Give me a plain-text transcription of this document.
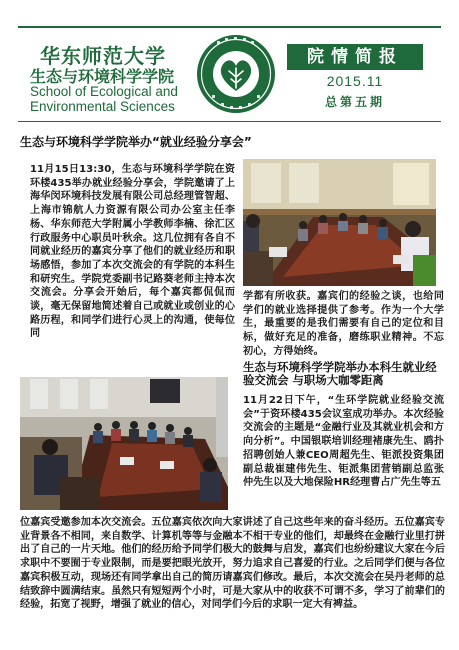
华东师范大学
生态与环境科学学院
School of Ecological and
Environmental Sciences
院情简报
2015.11
总第五期
生态与环境科学学院举办“就业经验分享会”

11月15日13:30，生态与环境科学学院在资环楼435举办就业经验分享会，学院邀请了上海华闵环境科技发展有限公司总经理管智超、上海市锦航人力资源有限公司办公室主任李杨、华东师范大学附属小学教师李楠、徐汇区行政服务中心职员叶秋余。这几位拥有各自不同就业经历的嘉宾分享了他们的就业经历和职场感悟，参加了本次交流会的有学院的本科生和研究生。学院党委副书记路葵老师主持本次交流会。分享会开始后，每个嘉宾都侃侃而谈，毫无保留地简述着自己或就业或创业的心路历程，和同学们进行心灵上的沟通，使每位同

学都有所收获。嘉宾们的经验之谈，也给同学们的就业选择提供了参考。作为一个大学生，最重要的是我们需要有自己的定位和目标，做好充足的准备，磨练职业精神。不忘初心，方得始终。

生态与环境科学学院举办本科生就业经验交流会 与职场大咖零距离

11月22日下午，“生环学院就业经验交流会”于资环楼435会议室成功举办。本次经验交流会的主题是“金融行业及其就业机会和方向分析”。中国银联培训经理褚康先生、鸥扑招聘创始人兼CEO周超先生、钜派投资集团副总裁崔建伟先生、钜派集团营销副总监张仲先生以及大地保险HR经理曹占广先生等五

位嘉宾受邀参加本次交流会。五位嘉宾依次向大家讲述了自己这些年来的奋斗经历。五位嘉宾专业背景各不相同，来自数学、计算机等等与金融本不相干专业的他们，却最终在金融行业里打拼出了自己的一片天地。他们的经历给予同学们极大的鼓舞与启发，嘉宾们也纷纷建议大家在今后求职中不要囿于专业限制，而是要把眼光放开，努力追求自己喜爱的行业。之后同学们便与各位嘉宾积极互动，现场还有同学拿出自己的简历请嘉宾们修改。最后，本次交流会在吴丹老师的总结致辞中圆满结束。虽然只有短短两个小时，可是大家从中的收获不可谓不多，学习了前辈们的经验，拓宽了视野，增强了就业的信心，对同学们今后的求职一定大有裨益。
